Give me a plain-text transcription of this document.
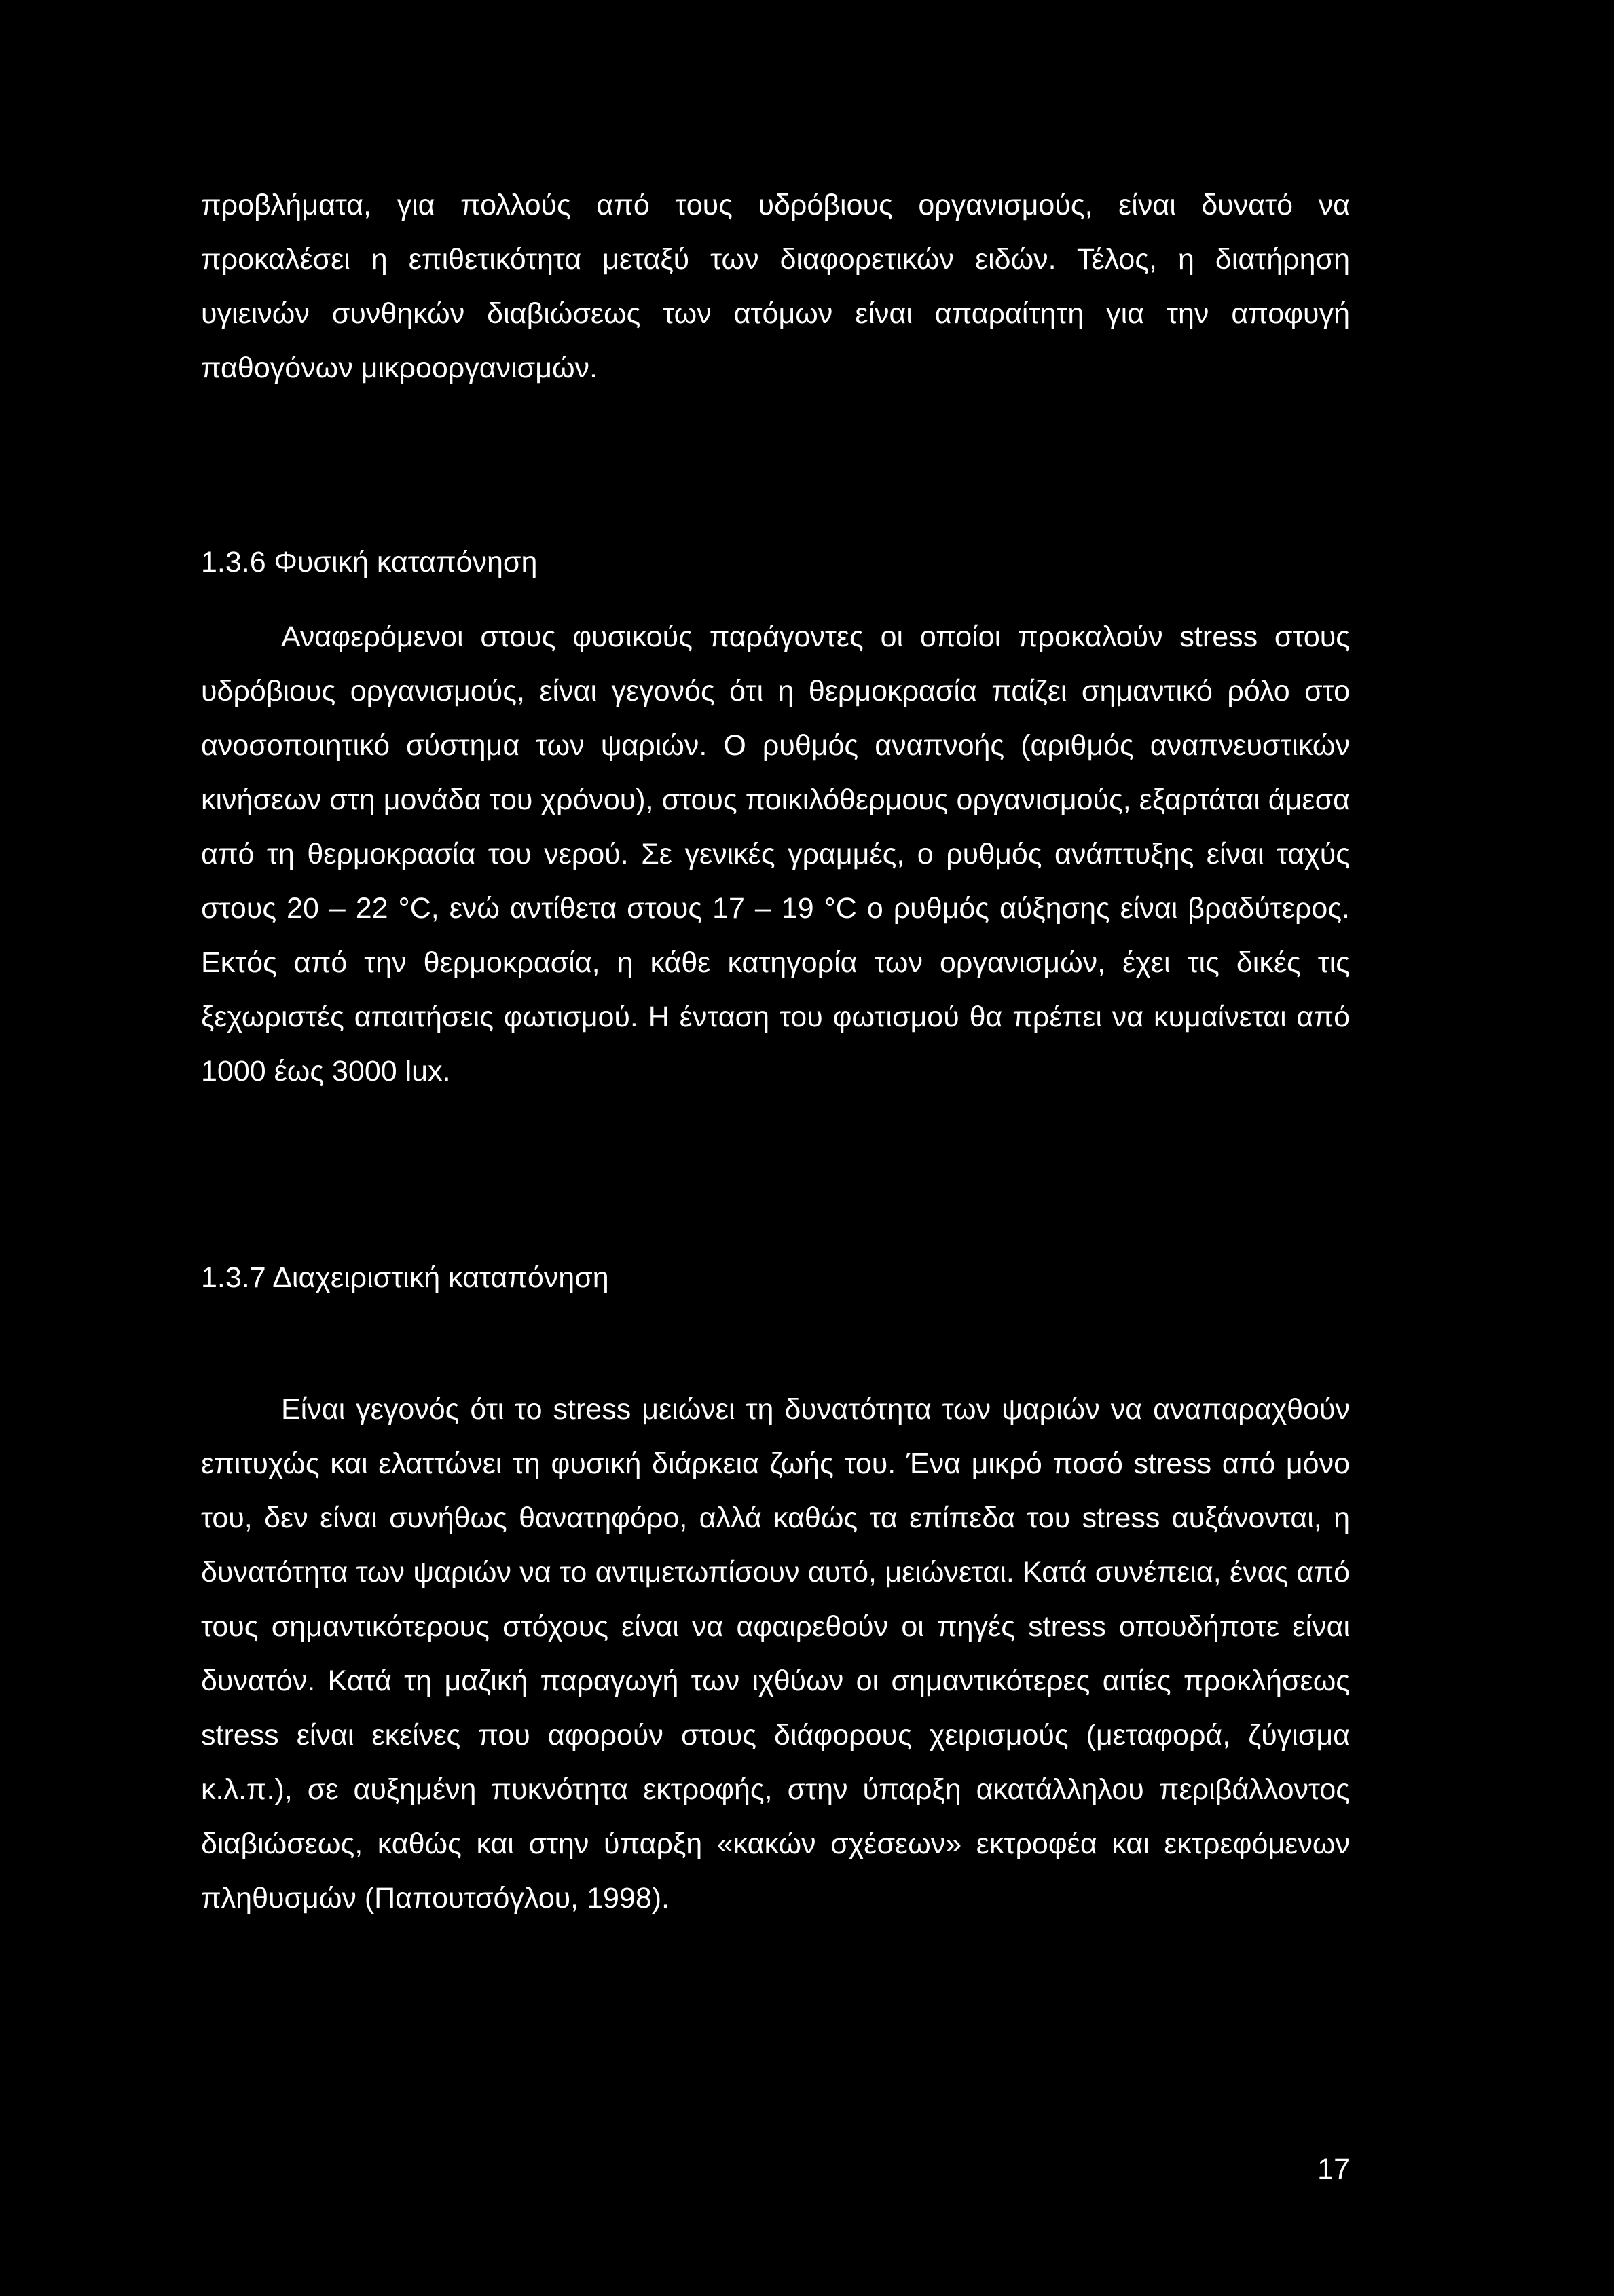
προβλήματα, για πολλούς από τους υδρόβιους οργανισμούς, είναι δυνατό να προκαλέσει η επιθετικότητα μεταξύ των διαφορετικών ειδών. Τέλος, η διατήρηση υγιεινών συνθηκών διαβιώσεως των ατόμων είναι απαραίτητη για την αποφυγή παθογόνων μικροοργανισμών.

1.3.6 Φυσική καταπόνηση

Αναφερόμενοι στους φυσικούς παράγοντες οι οποίοι προκαλούν stress στους υδρόβιους οργανισμούς, είναι γεγονός ότι η θερμοκρασία παίζει σημαντικό ρόλο στο ανοσοποιητικό σύστημα των ψαριών. Ο ρυθμός αναπνοής (αριθμός αναπνευστικών κινήσεων στη μονάδα του χρόνου), στους ποικιλόθερμους οργανισμούς, εξαρτάται άμεσα από τη θερμοκρασία του νερού. Σε γενικές γραμμές, ο ρυθμός ανάπτυξης είναι ταχύς στους 20 – 22 °C, ενώ αντίθετα στους 17 – 19 °C ο ρυθμός αύξησης είναι βραδύτερος. Εκτός από την θερμοκρασία, η κάθε κατηγορία των οργανισμών, έχει τις δικές τις ξεχωριστές απαιτήσεις φωτισμού. Η ένταση του φωτισμού θα πρέπει να κυμαίνεται από 1000 έως 3000 lux.

1.3.7 Διαχειριστική καταπόνηση

Είναι γεγονός ότι το stress μειώνει τη δυνατότητα των ψαριών να αναπαραχθούν επιτυχώς και ελαττώνει τη φυσική διάρκεια ζωής του. Ένα μικρό ποσό stress από μόνο του, δεν είναι συνήθως θανατηφόρο, αλλά καθώς τα επίπεδα του stress αυξάνονται, η δυνατότητα των ψαριών να το αντιμετωπίσουν αυτό, μειώνεται. Κατά συνέπεια, ένας από τους σημαντικότερους στόχους είναι να αφαιρεθούν οι πηγές stress οπουδήποτε είναι δυνατόν. Κατά τη μαζική παραγωγή των ιχθύων οι σημαντικότερες αιτίες προκλήσεως stress είναι εκείνες που αφορούν στους διάφορους χειρισμούς (μεταφορά, ζύγισμα κ.λ.π.), σε αυξημένη πυκνότητα εκτροφής, στην ύπαρξη ακατάλληλου περιβάλλοντος διαβιώσεως, καθώς και στην ύπαρξη «κακών σχέσεων» εκτροφέα και εκτρεφόμενων πληθυσμών (Παπουτσόγλου, 1998).

17
